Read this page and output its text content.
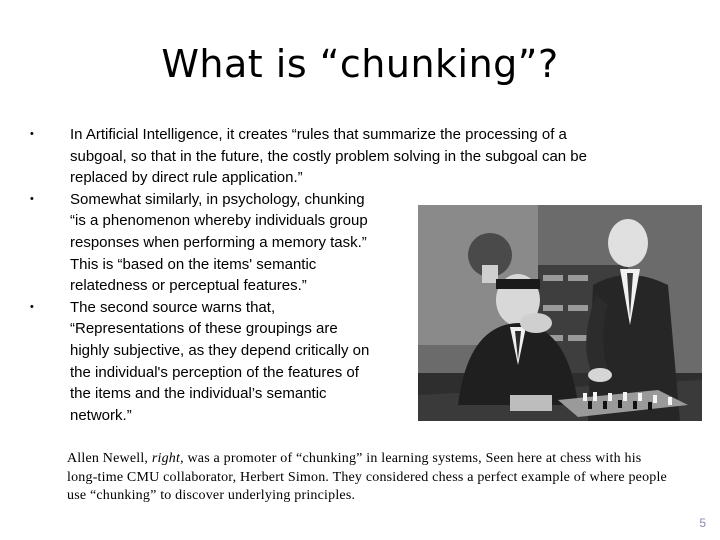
What is “chunking”?
• In Artificial Intelligence, it creates “rules that summarize the processing of a
subgoal, so that in the future, the costly problem solving in the subgoal can be
replaced by direct rule application.”
• Somewhat similarly, in psychology, chunking
“is a phenomenon whereby individuals group
responses when performing a memory task.”
This is “based on the items' semantic
relatedness or perceptual features.”
• The second source warns that,
“Representations of these groupings are
highly subjective, as they depend critically on
the individual's perception of the features of
the items and the individual’s semantic
network.”
Allen Newell, right, was a promoter of “chunking” in learning systems, Seen here at chess with his long-time CMU collaborator, Herbert Simon. They considered chess a perfect example of where people use “chunking” to discover underlying principles.
5
